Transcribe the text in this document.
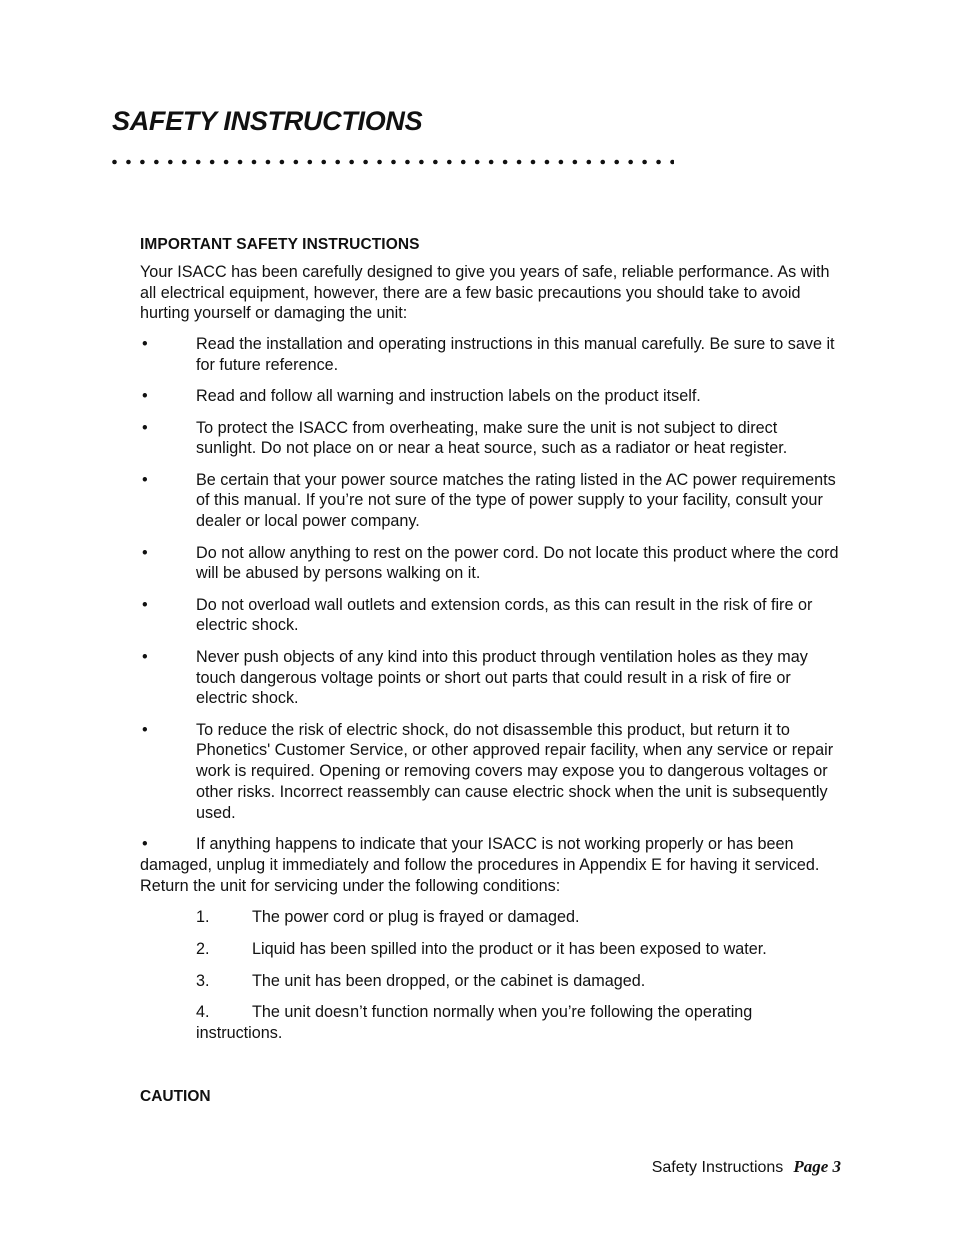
SAFETY INSTRUCTIONS

IMPORTANT SAFETY INSTRUCTIONS

Your ISACC has been carefully designed to give you years of safe, reliable performance. As with all electrical equipment, however, there are a few basic precautions you should take to avoid hurting yourself or damaging the unit:

•	Read the installation and operating instructions in this manual carefully. Be sure to save it for future reference.
•	Read and follow all warning and instruction labels on the product itself.
•	To protect the ISACC from overheating, make sure the unit is not subject to direct sunlight. Do not place on or near a heat source, such as a radiator or heat register.
•	Be certain that your power source matches the rating listed in the AC power requirements of this manual. If you’re not sure of the type of power supply to your facility, consult your dealer or local power company.
•	Do not allow anything to rest on the power cord. Do not locate this product where the cord will be abused by persons walking on it.
•	Do not overload wall outlets and extension cords, as this can result in the risk of fire or electric shock.
•	Never push objects of any kind into this product through ventilation holes as they may touch dangerous voltage points or short out parts that could result in a risk of fire or electric shock.
•	To reduce the risk of electric shock, do not disassemble this product, but return it to Phonetics' Customer Service, or other approved repair facility, when any service or repair work is required. Opening or removing covers may expose you to dangerous voltages or other risks. Incorrect reassembly can cause electric shock when the unit is subsequently used.

•	If anything happens to indicate that your ISACC is not working properly or has been damaged, unplug it immediately and follow the procedures in Appendix E for having it serviced. Return the unit for servicing under the following conditions:

1.	The power cord or plug is frayed or damaged.

2.	Liquid has been spilled into the product or it has been exposed to water.

3.	The unit has been dropped, or the cabinet is damaged.

4.	The unit doesn’t function normally when you’re following the operating instructions.

CAUTION

Safety Instructions Page 3
